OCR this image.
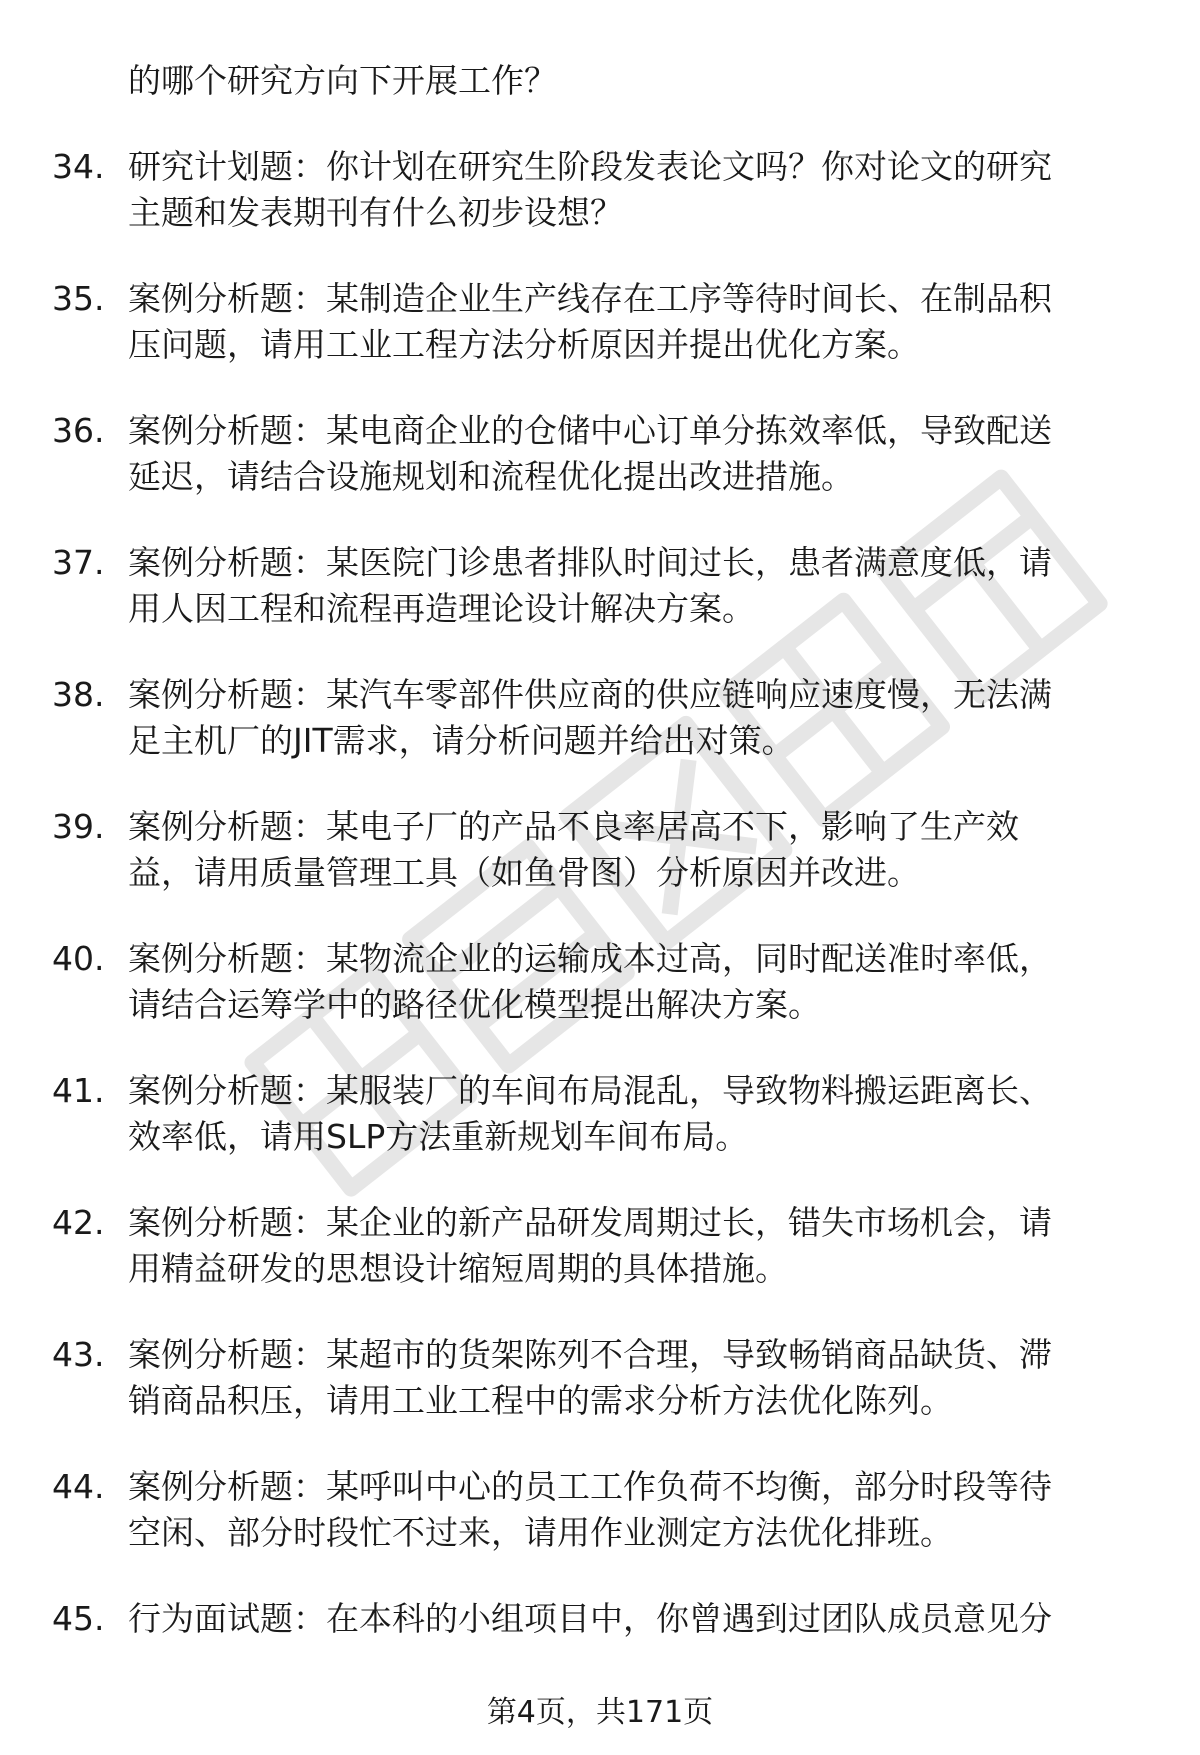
的哪个研究方向下开展工作？
34. 研究计划题：你计划在研究生阶段发表论文吗？你对论文的研究
主题和发表期刊有什么初步设想？
35. 案例分析题：某制造企业生产线存在工序等待时间长、在制品积
压问题，请用工业工程方法分析原因并提出优化方案。
36. 案例分析题：某电商企业的仓储中心订单分拣效率低，导致配送
延迟，请结合设施规划和流程优化提出改进措施。
37. 案例分析题：某医院门诊患者排队时间过长，患者满意度低，请
用人因工程和流程再造理论设计解决方案。
38. 案例分析题：某汽车零部件供应商的供应链响应速度慢，无法满
足主机厂的JIT需求，请分析问题并给出对策。
39. 案例分析题：某电子厂的产品不良率居高不下，影响了生产效
益，请用质量管理工具（如鱼骨图）分析原因并改进。
40. 案例分析题：某物流企业的运输成本过高，同时配送准时率低，
请结合运筹学中的路径优化模型提出解决方案。
41. 案例分析题：某服装厂的车间布局混乱，导致物料搬运距离长、
效率低，请用SLP方法重新规划车间布局。
42. 案例分析题：某企业的新产品研发周期过长，错失市场机会，请
用精益研发的思想设计缩短周期的具体措施。
43. 案例分析题：某超市的货架陈列不合理，导致畅销商品缺货、滞
销商品积压，请用工业工程中的需求分析方法优化陈列。
44. 案例分析题：某呼叫中心的员工工作负荷不均衡，部分时段等待
空闲、部分时段忙不过来，请用作业测定方法优化排班。
45. 行为面试题：在本科的小组项目中，你曾遇到过团队成员意见分
第4页，共171页
